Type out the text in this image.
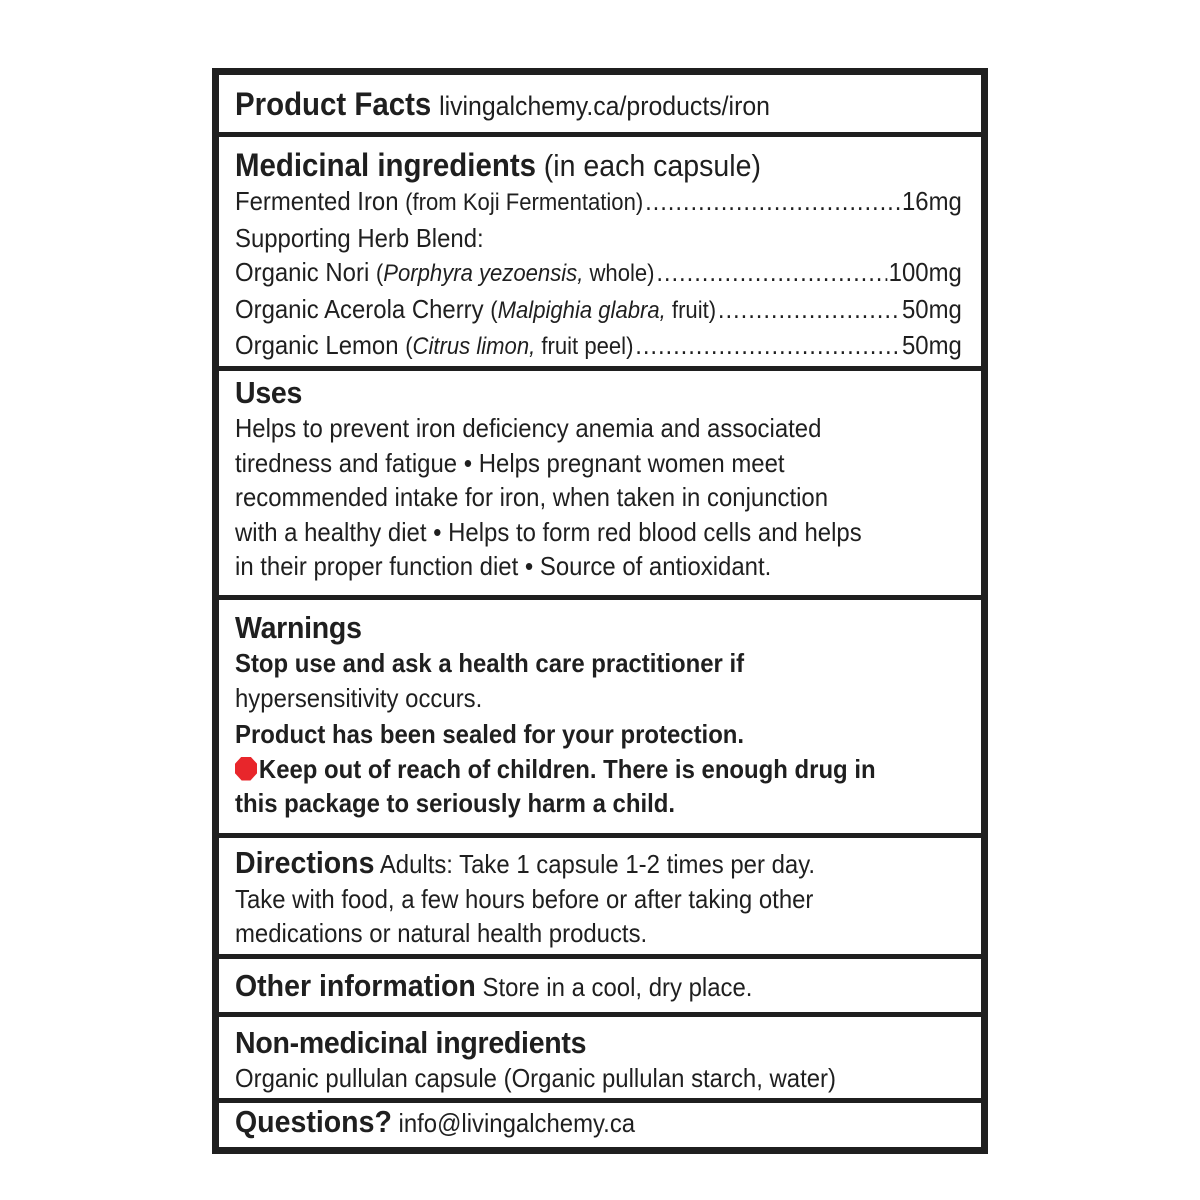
Product Facts livingalchemy.ca/products/iron
Medicinal ingredients (in each capsule)
Fermented Iron (from Koji Fermentation) .....	16mg
Supporting Herb Blend:
Organic Nori (Porphyra yezoensis, whole) .....	100mg
Organic Acerola Cherry (Malpighia glabra, fruit) .....	50mg
Organic Lemon (Citrus limon, fruit peel) .....	50mg
Uses
Helps to prevent iron deficiency anemia and associated
tiredness and fatigue • Helps pregnant women meet
recommended intake for iron, when taken in conjunction
with a healthy diet • Helps to form red blood cells and helps
in their proper function diet • Source of antioxidant.
Warnings
Stop use and ask a health care practitioner if
hypersensitivity occurs.
Product has been sealed for your protection.
Keep out of reach of children. There is enough drug in
this package to seriously harm a child.
Directions Adults: Take 1 capsule 1-2 times per day.
Take with food, a few hours before or after taking other
medications or natural health products.
Other information Store in a cool, dry place.
Non-medicinal ingredients
Organic pullulan capsule (Organic pullulan starch, water)
Questions? info@livingalchemy.ca
